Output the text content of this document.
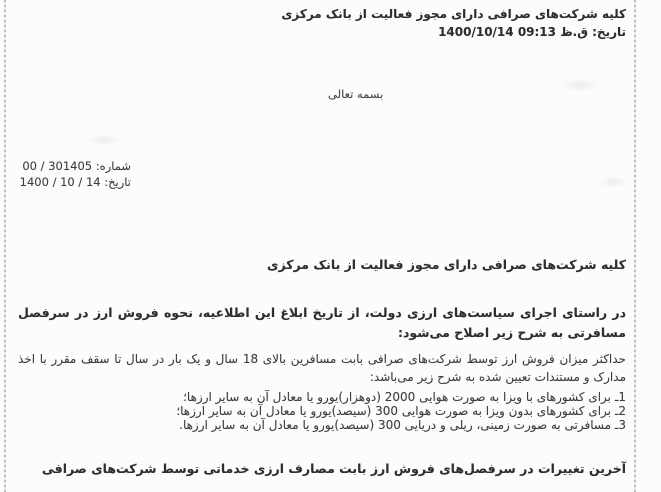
کلیه شرکت‌های صرافی دارای مجوز فعالیت از بانک مرکزی
تاریخ: ق.ظ 09:13 1400/10/14
بسمه تعالی
شماره: 301405 / 00
تاریخ: 14 / 10 / 1400
کلیه شرکت‌های صرافی دارای مجوز فعالیت از بانک مرکزی
در راستای اجرای سیاست‌های ارزی دولت، از تاریخ ابلاغ این اطلاعیه، نحوه فروش ارز در سرفصل مسافرتی به شرح زیر اصلاح می‌شود:
حداکثر میزان فروش ارز توسط شرکت‌های صرافی بابت مسافرین بالای 18 سال و یک بار در سال تا سقف مقرر با اخذ مدارک و مستندات تعیین شده به شرح زیر می‌باشد:
1ـ برای کشورهای با ویزا به صورت هوایی 2000 (دوهزار)یورو یا معادل آن به سایر ارزها؛
2ـ برای کشورهای بدون ویزا به صورت هوایی 300 (سیصد)یورو یا معادل آن به سایر ارزها؛
3ـ مسافرتی به صورت زمینی، ریلی و دریایی 300 (سیصد)یورو یا معادل آن به سایر ارزها.
آخرین تغییرات در سرفصل‌های فروش ارز بابت مصارف ارزی خدماتی توسط شرکت‌های صرافی
